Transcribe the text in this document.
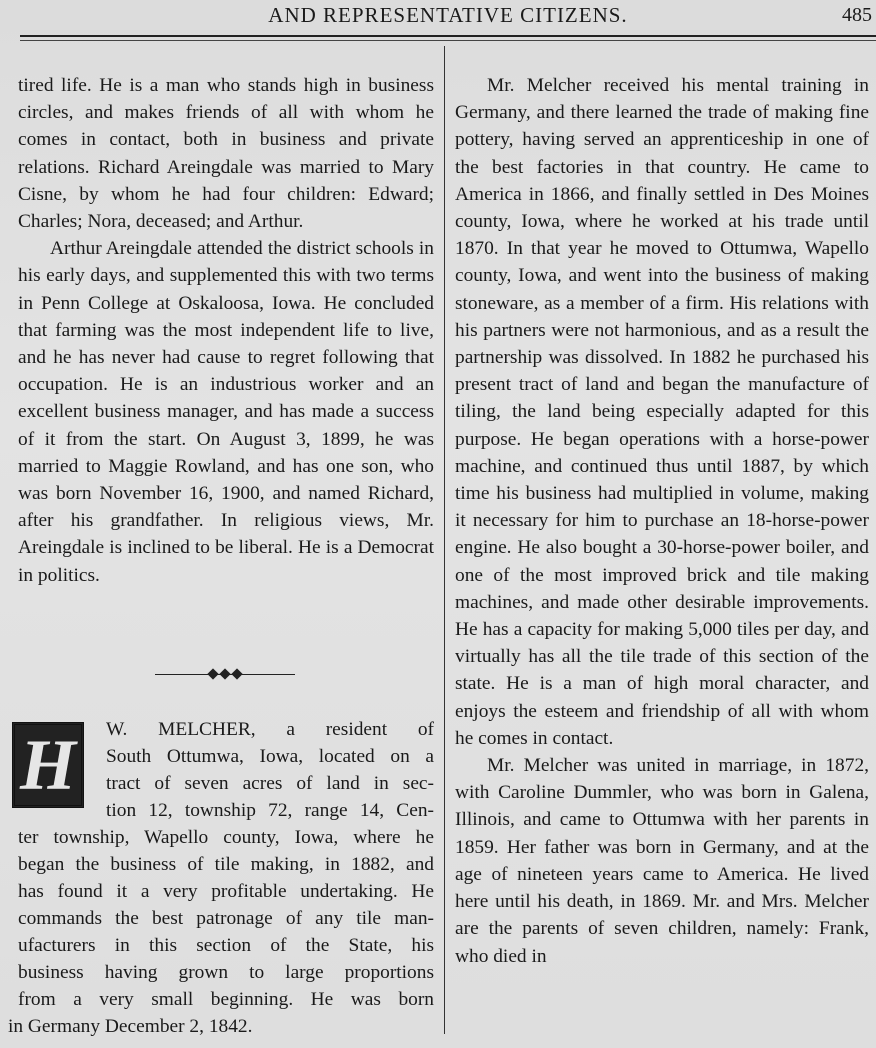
AND REPRESENTATIVE CITIZENS.	485

tired life. He is a man who stands high in business circles, and makes friends of all with whom he comes in contact, both in business and private relations. Richard Areingdale was married to Mary Cisne, by whom he had four children: Edward; Charles; Nora, deceased; and Arthur.

Arthur Areingdale attended the district schools in his early days, and supplemented this with two terms in Penn College at Oskaloosa, Iowa. He concluded that farming was the most independent life to live, and he has never had cause to regret following that occupation. He is an industrious worker and an excellent business manager, and has made a success of it from the start. On August 3, 1899, he was married to Maggie Rowland, and has one son, who was born November 16, 1900, and named Richard, after his grandfather. In religious views, Mr. Areingdale is inclined to be liberal. He is a Democrat in politics.

H	W. MELCHER, a resident of
South Ottumwa, Iowa, located on a
tract of seven acres of land in sec-
tion 12, township 72, range 14, Cen-
ter township, Wapello county, Iowa, where he
began the business of tile making, in 1882, and
has found it a very profitable undertaking. He
commands the best patronage of any tile man-
ufacturers in this section of the State, his
business having grown to large proportions
from a very small beginning. He was born
in Germany December 2, 1842.

Mr. Melcher received his mental training in Germany, and there learned the trade of making fine pottery, having served an apprenticeship in one of the best factories in that country. He came to America in 1866, and finally settled in Des Moines county, Iowa, where he worked at his trade until 1870. In that year he moved to Ottumwa, Wapello county, Iowa, and went into the business of making stoneware, as a member of a firm. His relations with his partners were not harmonious, and as a result the partnership was dissolved. In 1882 he purchased his present tract of land and began the manufacture of tiling, the land being especially adapted for this purpose. He began operations with a horse-power machine, and continued thus until 1887, by which time his business had multiplied in volume, making it necessary for him to purchase an 18-horse-power engine. He also bought a 30-horse-power boiler, and one of the most improved brick and tile making machines, and made other desirable improvements. He has a capacity for making 5,000 tiles per day, and virtually has all the tile trade of this section of the state. He is a man of high moral character, and enjoys the esteem and friendship of all with whom he comes in contact.

Mr. Melcher was united in marriage, in 1872, with Caroline Dummler, who was born in Galena, Illinois, and came to Ottumwa with her parents in 1859. Her father was born in Germany, and at the age of nineteen years came to America. He lived here until his death, in 1869. Mr. and Mrs. Melcher are the parents of seven children, namely: Frank, who died in
